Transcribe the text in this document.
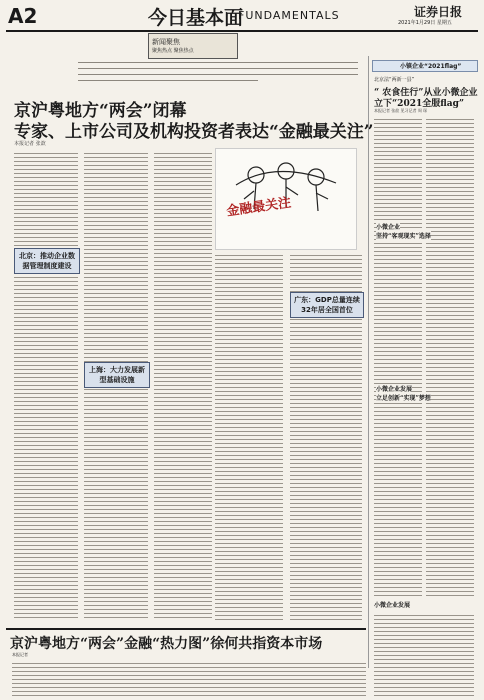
A2	今日基本面
FUNDAMENTALS	证券日报
2021年1月29日 星期五
新闻聚焦
聚焦热点 聚焦热点
京沪粤地方“两会”闭幕
专家、上市公司及机构投资者表达“金融最关注”
本报记者 张歆
北京：推动企业数据管理制度建设
上海：大力发展新型基础设施
广东：GDP总量连续32年居全国首位
金融最关注
小镇企业“2021flag”
北京法“两新一县”
“ 农食住行”从业小微企业
立下“2021全服flag”
本报记者 张歆 见习记者 周 琛
小微企业
坚持“客观现实”选择
小微企业发展
立足创新“实现”梦想
小微企业发展
京沪粤地方“两会”金融“热力图”徐何共指资本市场
本报记者
